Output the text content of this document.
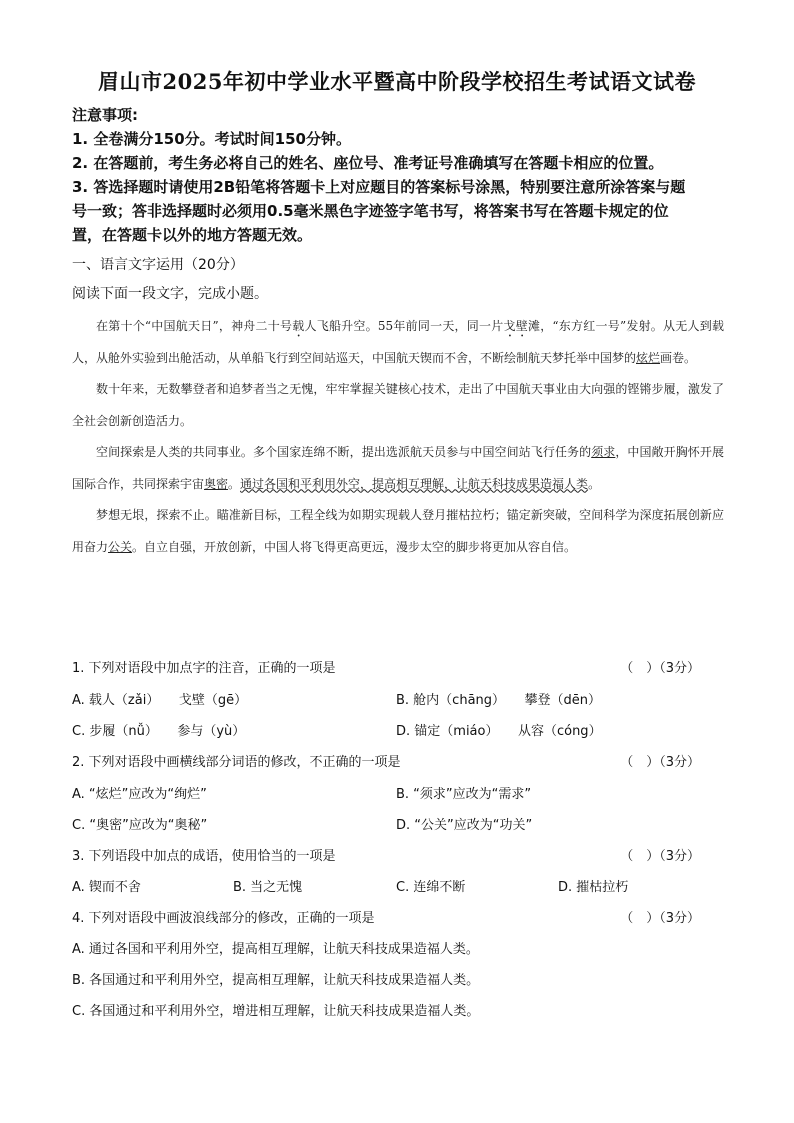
眉山市2025年初中学业水平暨高中阶段学校招生考试语文试卷
注意事项:
1. 全卷满分150分。考试时间150分钟。
2. 在答题前，考生务必将自己的姓名、座位号、准考证号准确填写在答题卡相应的位置。
3. 答选择题时请使用2B铅笔将答题卡上对应题目的答案标号涂黑，特别要注意所涂答案与题
号一致；答非选择题时必须用0.5毫米黑色字迹签字笔书写，将答案书写在答题卡规定的位
置，在答题卡以外的地方答题无效。
一、语言文字运用（20分）
阅读下面一段文字，完成小题。

在第十个“中国航天日”，神舟二十号载人飞船升空。55年前同一天，同一片戈壁滩，“东方红一号”发射。从无人到载人，从舱外实验到出舱活动，从单船飞行到空间站巡天，中国航天锲而不舍，不断绘制航天梦托举中国梦的炫烂画卷。

数十年来，无数攀登者和追梦者当之无愧，牢牢掌握关键核心技术，走出了中国航天事业由大向强的铿锵步履，激发了全社会创新创造活力。

空间探索是人类的共同事业。多个国家连绵不断，提出选派航天员参与中国空间站飞行任务的须求，中国敞开胸怀开展国际合作，共同探索宇宙奥密。通过各国和平利用外空，提高相互理解，让航天科技成果造福人类。

梦想无垠，探索不止。瞄准新目标，工程全线为如期实现载人登月摧枯拉朽；锚定新突破，空间科学为深度拓展创新应用奋力公关。自立自强，开放创新，中国人将飞得更高更远，漫步太空的脚步将更加从容自信。

1. 下列对语段中加点字的注音，正确的一项是	（　）（3分）
A. 载人（zǎi）　　戈壁（gē）	B. 舱内（chāng）　　攀登（dēn）
C. 步履（nǚ）　　参与（yù）	D. 锚定（miáo）　　从容（cóng）
2. 下列对语段中画横线部分词语的修改，不正确的一项是	（　）（3分）
A. “炫烂”应改为“绚烂”	B. “须求”应改为“需求”
C. “奥密”应改为“奥秘”	D. “公关”应改为“功关”
3. 下列语段中加点的成语，使用恰当的一项是	（　）（3分）
A. 锲而不舍	B. 当之无愧	C. 连绵不断	D. 摧枯拉朽
4. 下列对语段中画波浪线部分的修改，正确的一项是	（　）（3分）
A. 通过各国和平利用外空，提高相互理解，让航天科技成果造福人类。
B. 各国通过和平利用外空，提高相互理解，让航天科技成果造福人类。
C. 各国通过和平利用外空，增进相互理解，让航天科技成果造福人类。
